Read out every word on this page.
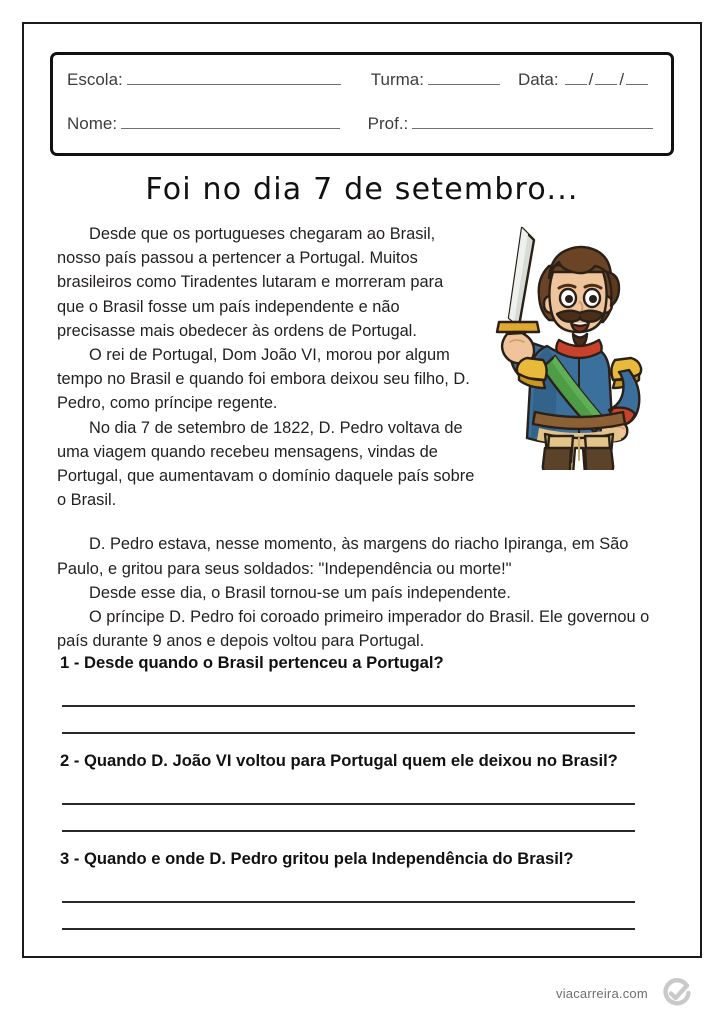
Escola:	Turma:	Data: / /
Nome:	Prof.:
Foi no dia 7 de setembro...

Desde que os portugueses chegaram ao Brasil, nosso país passou a pertencer a Portugal. Muitos brasileiros como Tiradentes lutaram e morreram para que o Brasil fosse um país independente e não precisasse mais obedecer às ordens de Portugal.

O rei de Portugal, Dom João VI, morou por algum tempo no Brasil e quando foi embora deixou seu filho, D. Pedro, como príncipe regente.

No dia 7 de setembro de 1822, D. Pedro voltava de uma viagem quando recebeu mensagens, vindas de Portugal, que aumentavam o domínio daquele país sobre o Brasil.

D. Pedro estava, nesse momento, às margens do riacho Ipiranga, em São Paulo, e gritou para seus soldados: "Independência ou morte!"

Desde esse dia, o Brasil tornou-se um país independente.

O príncipe D. Pedro foi coroado primeiro imperador do Brasil. Ele governou o país durante 9 anos e depois voltou para Portugal.

1 - Desde quando o Brasil pertenceu a Portugal?

2 - Quando D. João VI voltou para Portugal quem ele deixou no Brasil?

3 - Quando e onde D. Pedro gritou pela Independência do Brasil?

viacarreira.com
